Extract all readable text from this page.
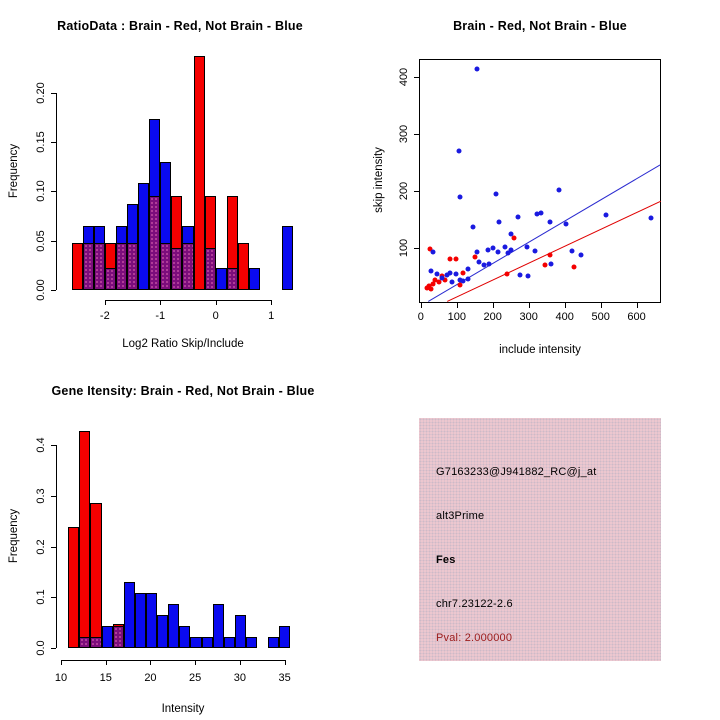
RatioData : Brain - Red, Not Brain - Blue	Brain - Red, Not Brain - Blue
Gene Itensity: Brain - Red, Not Brain - Blue
Frequency
Log2 Ratio Skip/Include
skip intensity
include intensity
Frequency
Intensity
0.00
0.05
0.10
0.15
0.20
-2	-1	0	1	0 100 200 300 400 500 600
100
200
300
400
0.0
0.1
0.2
0.3
0.4
10	15	20	25	30	35
G7163233@J941882_RC@j_at
alt3Prime
Fes
chr7.23122-2.6
Pval: 2.000000
